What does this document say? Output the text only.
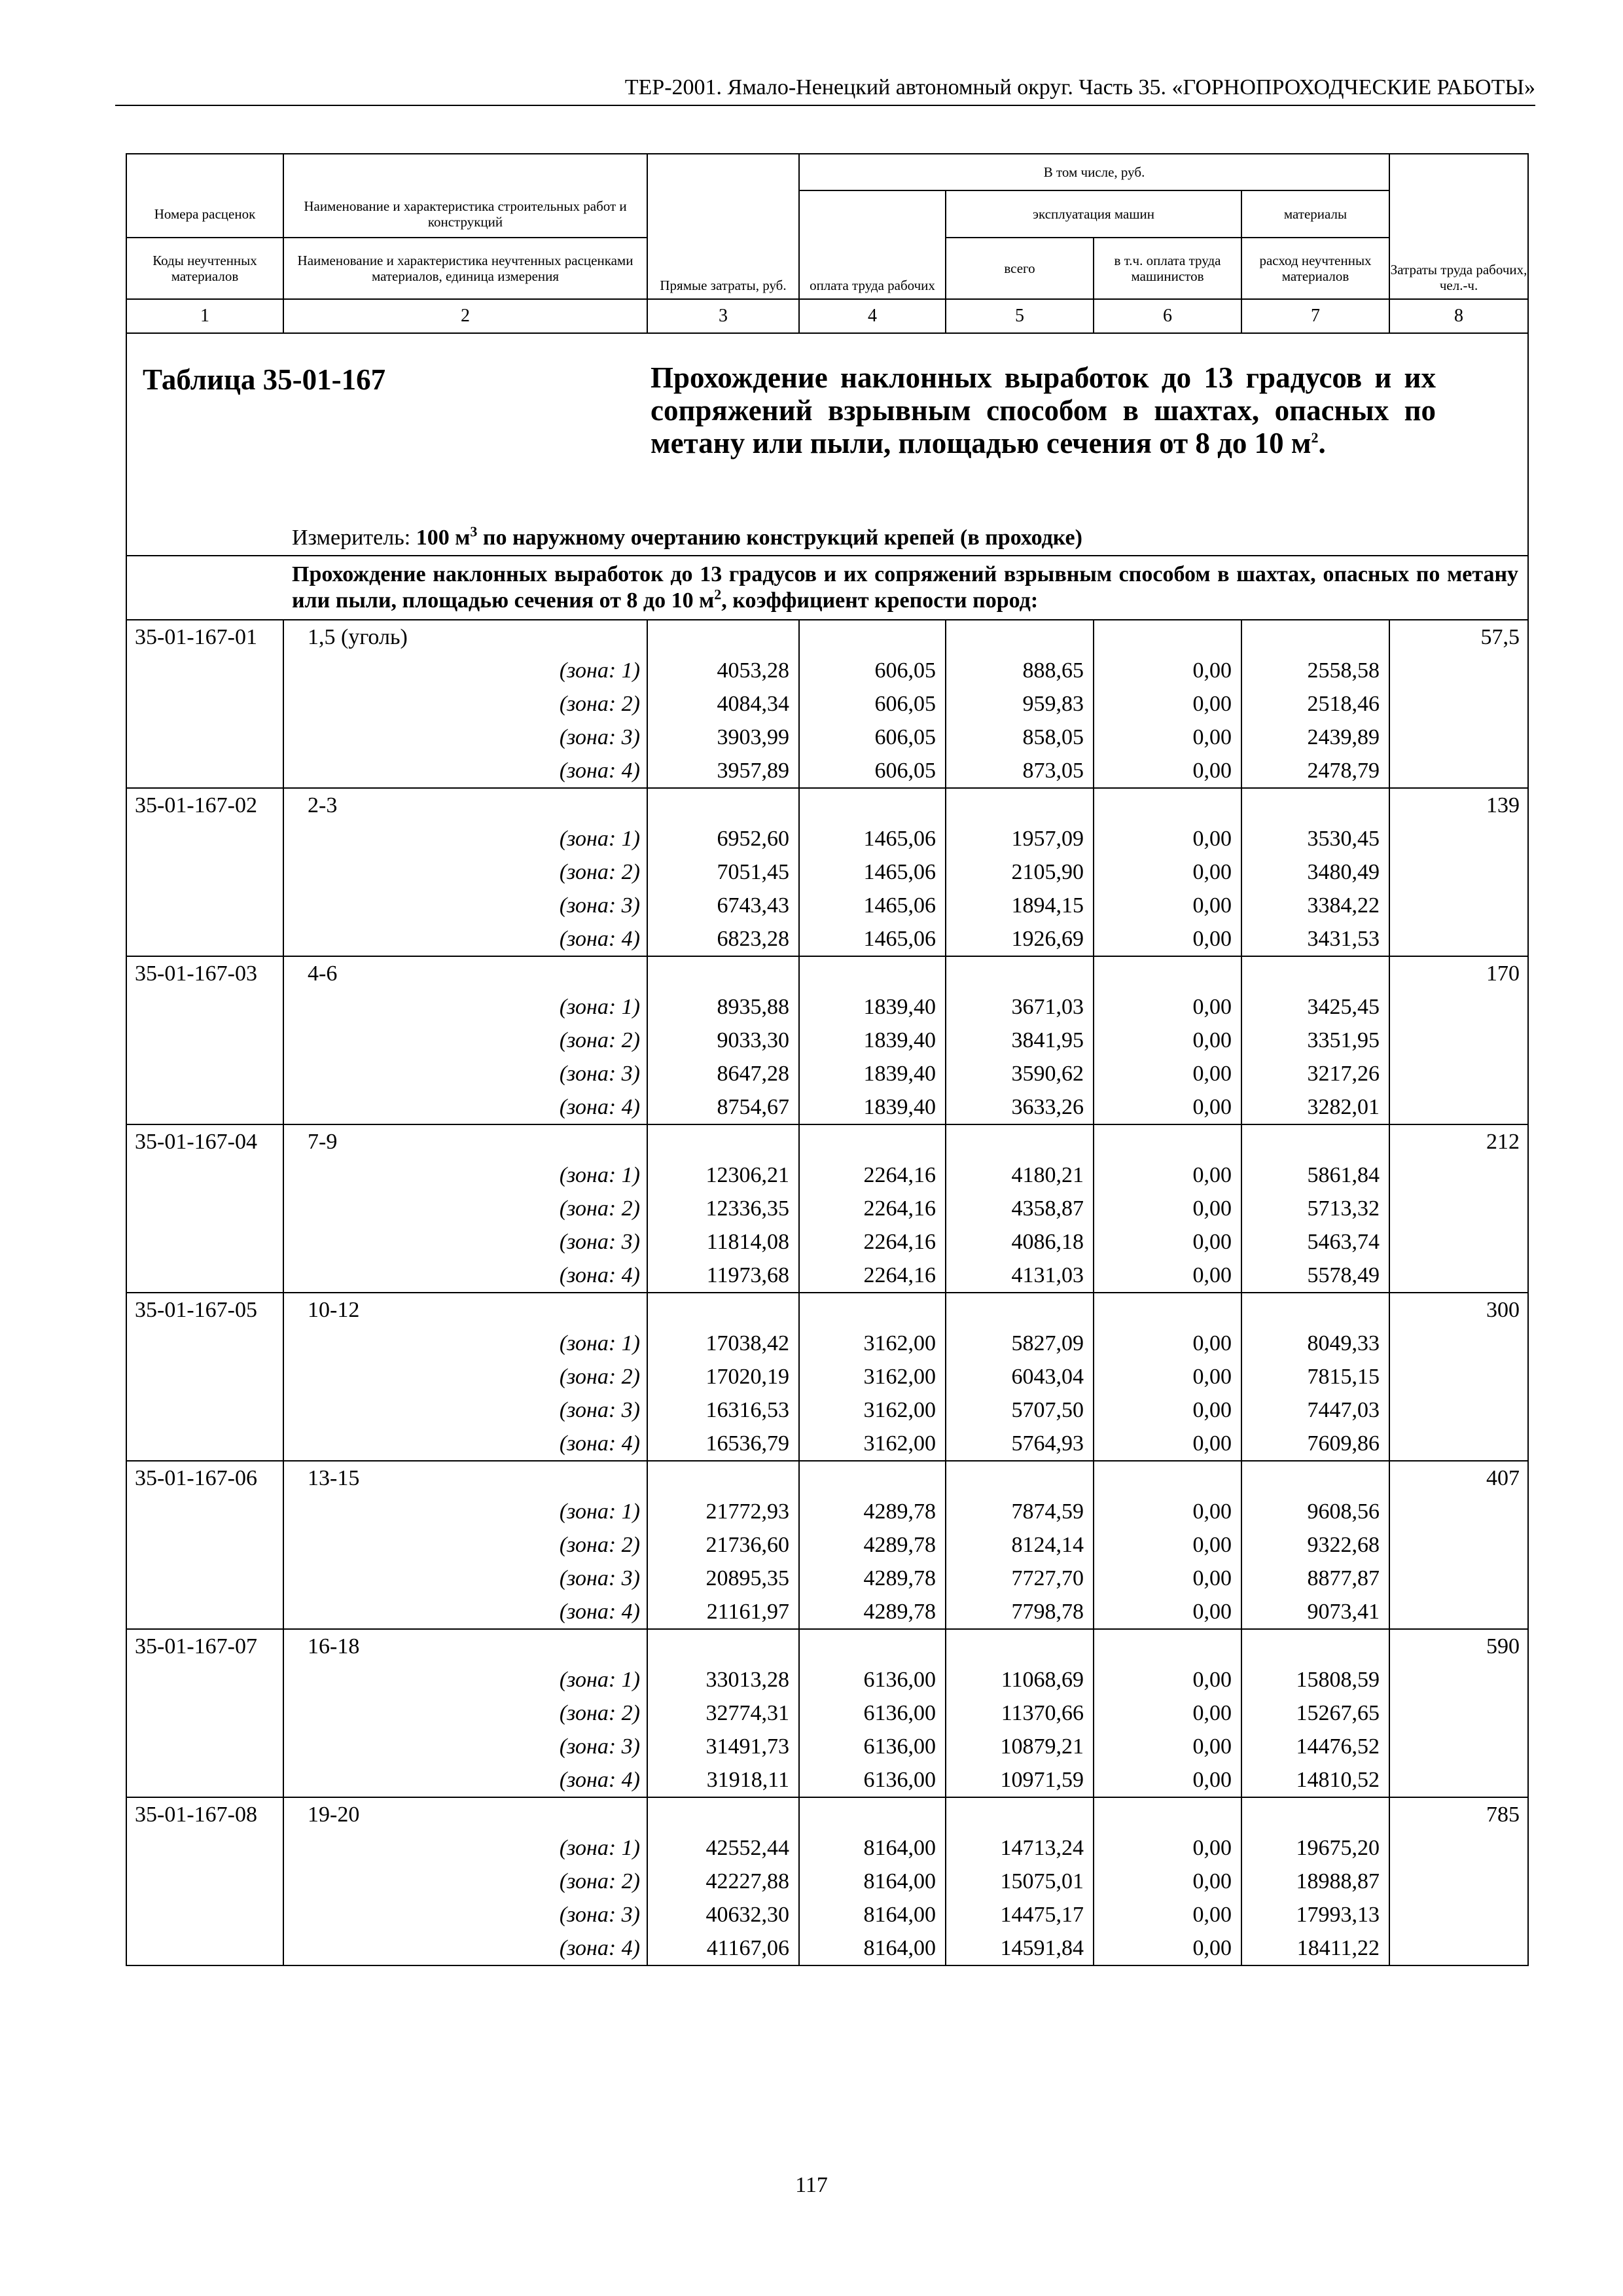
ТЕР-2001. Ямало-Ненецкий автономный округ. Часть 35. «ГОРНОПРОХОДЧЕСКИЕ РАБОТЫ»
		Прямые затраты, руб.	В том числе, руб.				Затраты труда рабочих, чел.-ч.
Номера расценок	Наименование и характеристика строительных работ и конструкций		оплата труда рабочих	эксплуатация машин		материалы	

Коды неучтенных материалов	Наименование и характеристика неучтенных расценками материалов, единица измерения			всего	в т.ч. оплата труда машинистов	расход неучтенных материалов	
1	2	3	4	5	6	7	8

Таблица 35-01-167 Прохождение наклонных выработок до 13 градусов и их сопряжений взрывным способом в шахтах, опасных по метану или пыли, площадью сечения от 8 до 10 $м^2$.
Измеритель: 100 $м^3$ по наружному очертанию конструкций крепей (в проходке)							

Прохождение наклонных выработок до 13 градусов и их сопряжений взрывным способом в шахтах, опасных по метану или пыли, площадью сечения от 8 до 10 $м^2$, коэффициент крепости пород:							
35-01-167-01	1,5 (уголь)						57,5
	(зона: 1)	4053,28	606,05	888,65	0,00	2558,58	
	(зона: 2)	4084,34	606,05	959,83	0,00	2518,46	
	(зона: 3)	3903,99	606,05	858,05	0,00	2439,89	
	(зона: 4)	3957,89	606,05	873,05	0,00	2478,79	
35-01-167-02	2-3						139
	(зона: 1)	6952,60	1465,06	1957,09	0,00	3530,45	
	(зона: 2)	7051,45	1465,06	2105,90	0,00	3480,49	
	(зона: 3)	6743,43	1465,06	1894,15	0,00	3384,22	
	(зона: 4)	6823,28	1465,06	1926,69	0,00	3431,53	
35-01-167-03	4-6						170
	(зона: 1)	8935,88	1839,40	3671,03	0,00	3425,45	
	(зона: 2)	9033,30	1839,40	3841,95	0,00	3351,95	
	(зона: 3)	8647,28	1839,40	3590,62	0,00	3217,26	
	(зона: 4)	8754,67	1839,40	3633,26	0,00	3282,01	
35-01-167-04	7-9						212
	(зона: 1)	12306,21	2264,16	4180,21	0,00	5861,84	
	(зона: 2)	12336,35	2264,16	4358,87	0,00	5713,32	
	(зона: 3)	11814,08	2264,16	4086,18	0,00	5463,74	
	(зона: 4)	11973,68	2264,16	4131,03	0,00	5578,49	
35-01-167-05	10-12						300
	(зона: 1)	17038,42	3162,00	5827,09	0,00	8049,33	
	(зона: 2)	17020,19	3162,00	6043,04	0,00	7815,15	
	(зона: 3)	16316,53	3162,00	5707,50	0,00	7447,03	
	(зона: 4)	16536,79	3162,00	5764,93	0,00	7609,86	
35-01-167-06	13-15						407
	(зона: 1)	21772,93	4289,78	7874,59	0,00	9608,56	
	(зона: 2)	21736,60	4289,78	8124,14	0,00	9322,68	
	(зона: 3)	20895,35	4289,78	7727,70	0,00	8877,87	
	(зона: 4)	21161,97	4289,78	7798,78	0,00	9073,41	
35-01-167-07	16-18						590
	(зона: 1)	33013,28	6136,00	11068,69	0,00	15808,59	
	(зона: 2)	32774,31	6136,00	11370,66	0,00	15267,65	
	(зона: 3)	31491,73	6136,00	10879,21	0,00	14476,52	
	(зона: 4)	31918,11	6136,00	10971,59	0,00	14810,52	
35-01-167-08	19-20						785
	(зона: 1)	42552,44	8164,00	14713,24	0,00	19675,20	
	(зона: 2)	42227,88	8164,00	15075,01	0,00	18988,87	
	(зона: 3)	40632,30	8164,00	14475,17	0,00	17993,13	
	(зона: 4)	41167,06	8164,00	14591,84	0,00	18411,22	
117
